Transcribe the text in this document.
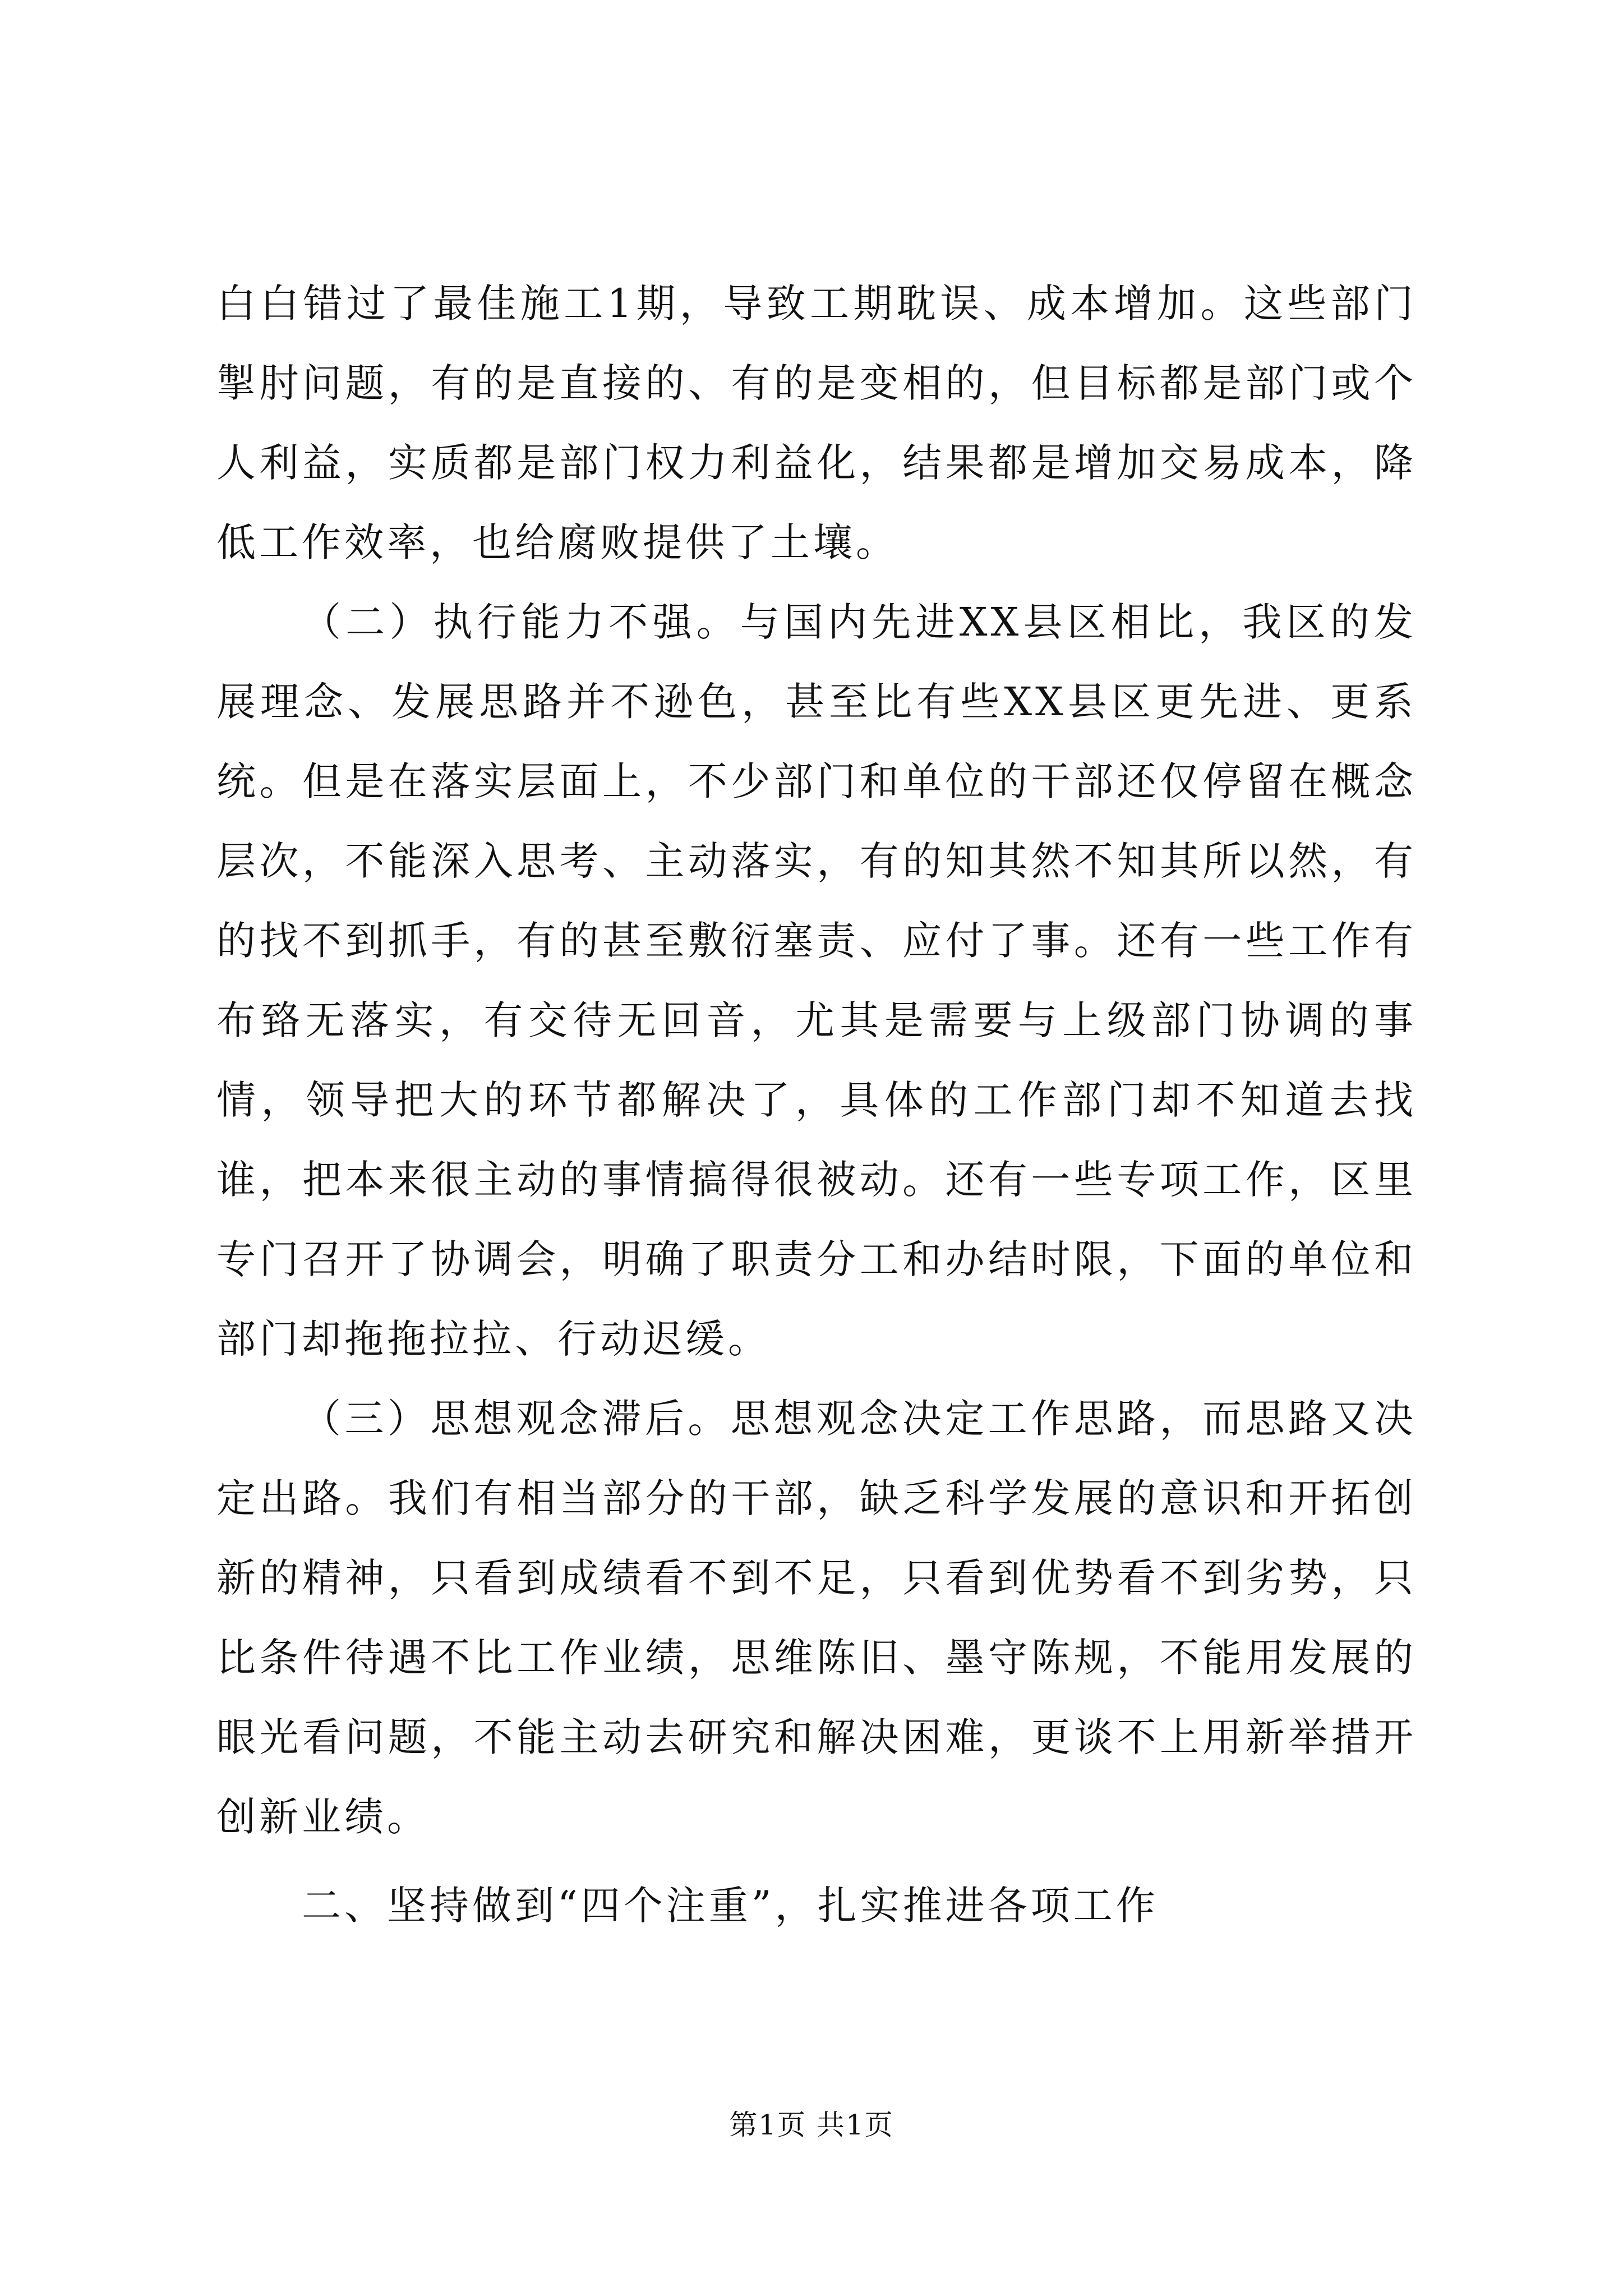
白白错过了最佳施工1期，导致工期耽误、成本增加。这些部门掣肘问题，有的是直接的、有的是变相的，但目标都是部门或个人利益，实质都是部门权力利益化，结果都是增加交易成本，降低工作效率，也给腐败提供了土壤。

（二）执行能力不强。与国内先进XX县区相比，我区的发展理念、发展思路并不逊色，甚至比有些XX县区更先进、更系统。但是在落实层面上，不少部门和单位的干部还仅停留在概念层次，不能深入思考、主动落实，有的知其然不知其所以然，有的找不到抓手，有的甚至敷衍塞责、应付了事。还有一些工作有布臵无落实，有交待无回音，尤其是需要与上级部门协调的事情，领导把大的环节都解决了，具体的工作部门却不知道去找谁，把本来很主动的事情搞得很被动。还有一些专项工作，区里专门召开了协调会，明确了职责分工和办结时限，下面的单位和部门却拖拖拉拉、行动迟缓。

（三）思想观念滞后。思想观念决定工作思路，而思路又决定出路。我们有相当部分的干部，缺乏科学发展的意识和开拓创新的精神，只看到成绩看不到不足，只看到优势看不到劣势，只比条件待遇不比工作业绩，思维陈旧、墨守陈规，不能用发展的眼光看问题，不能主动去研究和解决困难，更谈不上用新举措开创新业绩。

二、坚持做到“四个注重”，扎实推进各项工作

第1页 共1页
